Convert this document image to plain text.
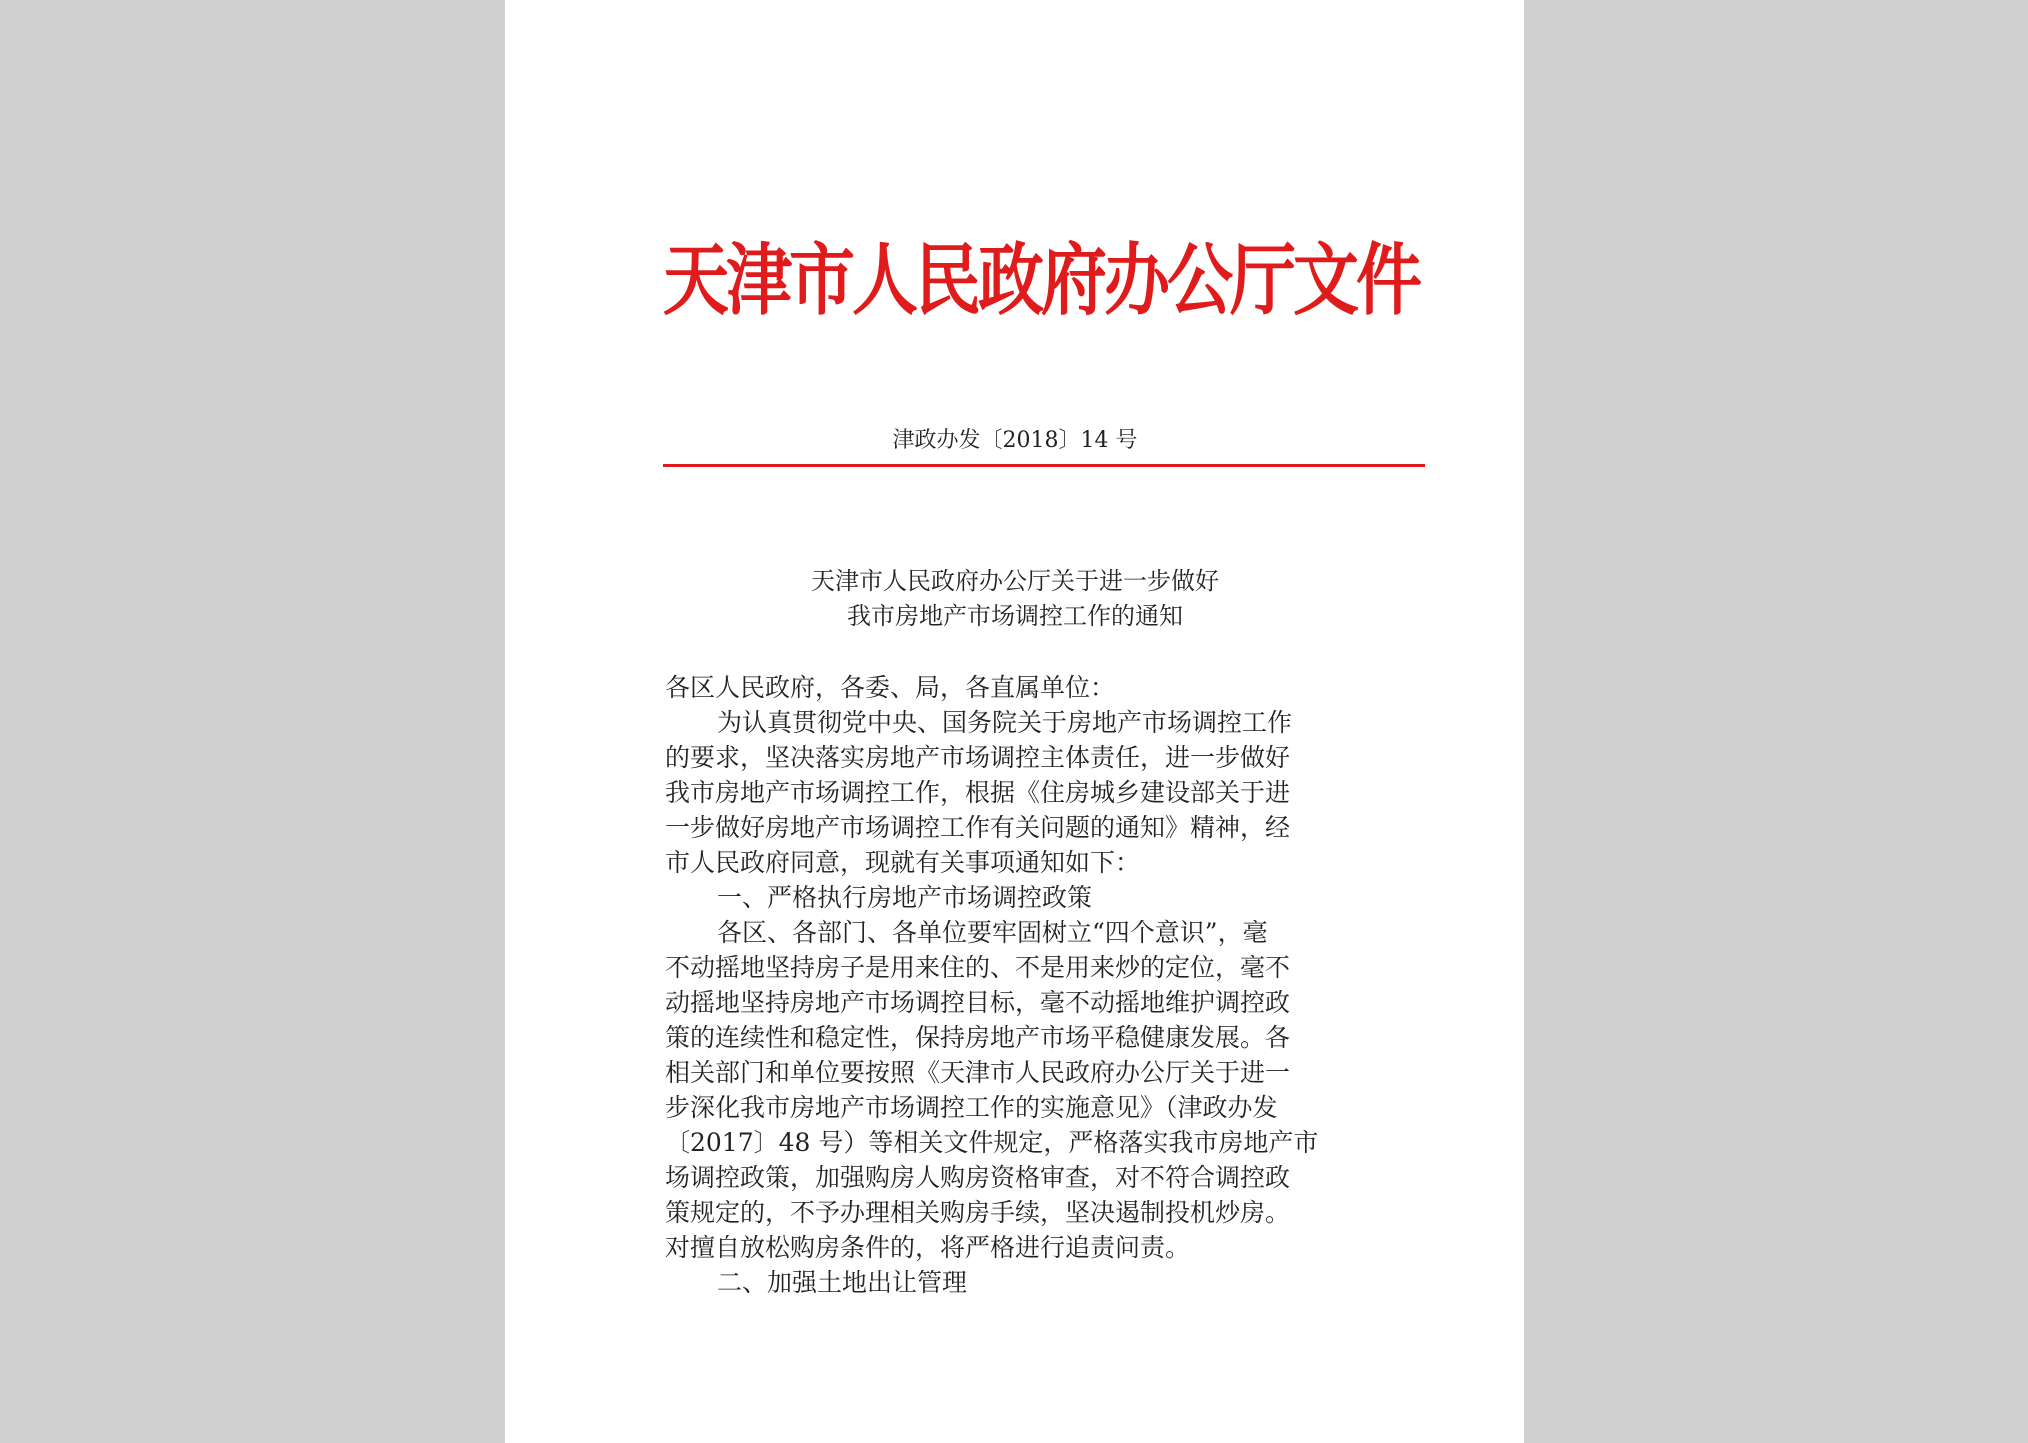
天津市人民政府办公厅文件
津政办发〔2018〕14 号
天津市人民政府办公厅关于进一步做好
我市房地产市场调控工作的通知
各区人民政府，各委、局，各直属单位：
为认真贯彻党中央、国务院关于房地产市场调控工作
的要求，坚决落实房地产市场调控主体责任，进一步做好
我市房地产市场调控工作，根据《住房城乡建设部关于进
一步做好房地产市场调控工作有关问题的通知》精神，经
市人民政府同意，现就有关事项通知如下：
一、严格执行房地产市场调控政策
各区、各部门、各单位要牢固树立“四个意识”，毫
不动摇地坚持房子是用来住的、不是用来炒的定位，毫不
动摇地坚持房地产市场调控目标，毫不动摇地维护调控政
策的连续性和稳定性，保持房地产市场平稳健康发展。各
相关部门和单位要按照《天津市人民政府办公厅关于进一
步深化我市房地产市场调控工作的实施意见》（津政办发
〔2017〕48 号）等相关文件规定，严格落实我市房地产市
场调控政策，加强购房人购房资格审查，对不符合调控政
策规定的，不予办理相关购房手续，坚决遏制投机炒房。
对擅自放松购房条件的，将严格进行追责问责。
二、加强土地出让管理
